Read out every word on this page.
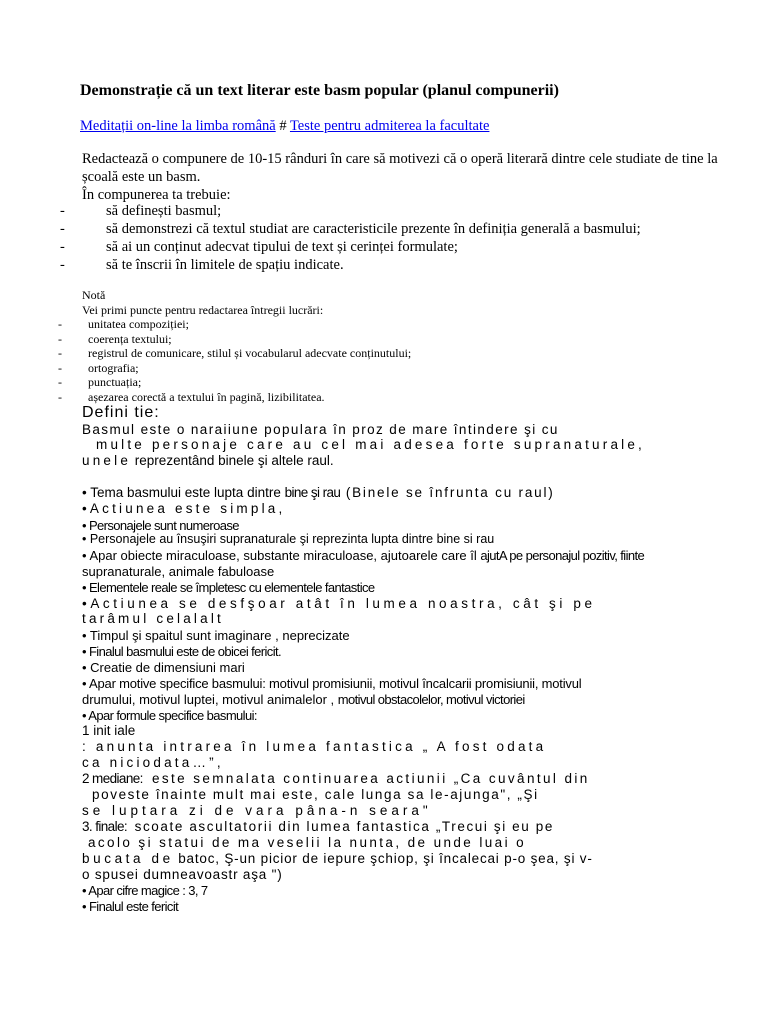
Demonstrație că un text literar este basm popular (planul compunerii)
Meditații on-line la limba română # Teste pentru admiterea la facultate

Redactează o compunere de 10-15 rânduri în care să motivezi că o operă literară dintre cele studiate de tine la școală este un basm.

În compunerea ta trebuie:

-	să definești basmul;
-	să demonstrezi că textul studiat are caracteristicile prezente în definiția generală a basmului;
-	să ai un conținut adecvat tipului de text și cerinței formulate;
-	să te înscrii în limitele de spațiu indicate.
Notă
Vei primi puncte pentru redactarea întregii lucrări:
- unitatea compoziției;
- coerența textului;
- registrul de comunicare, stilul și vocabularul adecvate conținutului;
- ortografia;
- punctuația;
- așezarea corectă a textului în pagină, lizibilitatea.
Defini tie:
Basmul este o naraiiune populara în proz de mare întindere şi cu
multe personaje care au cel mai adesea forte supranaturale,
unele reprezentând binele şi altele raul.
• Tema basmului este lupta dintre bine şi rau (Binele se înfrunta cu raul)
•Actiunea este simpla,
• Personajele sunt numeroase
• Personajele au însuşiri supranaturale şi reprezinta lupta dintre bine si rau
• Apar obiecte miraculoase, substante miraculoase, ajutoarele care îl ajutA pe personajul pozitiv, fiinte
supranaturale, animale fabuloase
• Elementele reale se împletesc cu elementele fantastice
•Actiunea se desfşoar atât în lumea noastra, cât şi pe
tarâmul celalalt
• Timpul şi spaitul sunt imaginare , neprecizate
• Finalul basmului este de obicei fericit.
• Creatie de dimensiuni mari
• Apar motive specifice basmului: motivul promisiunii, motivul încalcarii promisiunii, motivul
drumului, motivul luptei, motivul animalelor , motivul obstacolelor, motivul victoriei
• Apar formule specifice basmului:
1 init iale
: anunta intrarea în lumea fantastica „ A fost odata
ca niciodata…”,
2 mediane: este semnalata continuarea actiunii „Ca cuvântul din
poveste înainte mult mai este, cale lunga sa le-ajunga", „Şi
se luptara zi de vara pâna-n seara"
3. finale: scoate ascultatorii din lumea fantastica „Trecui şi eu pe
acolo şi statui de ma veselii la nunta, de unde luai o
bucata de batoc, Ş-un picior de iepure şchiop, şi încalecai p-o şea, şi v-
o spusei dumneavoastr aşa ")
• Apar cifre magice : 3, 7
• Finalul este fericit
